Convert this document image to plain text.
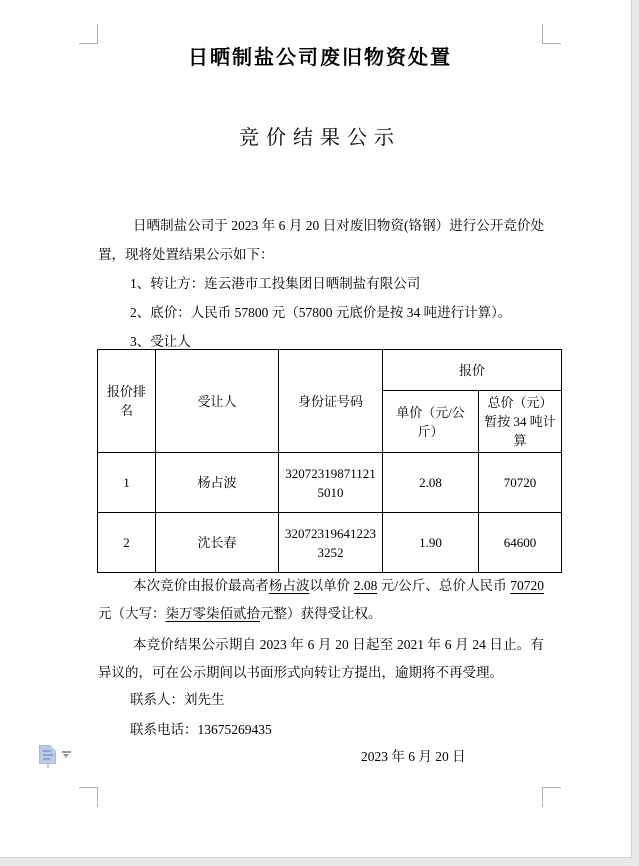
日晒制盐公司废旧物资处置
竞价结果公示
日晒制盐公司于 2023 年 6 月 20 日对废旧物资(铬钢）进行公开竞价处置，现将处置结果公示如下：
1、转让方：连云港市工投集团日晒制盐有限公司
2、底价：人民币 57800 元（57800 元底价是按 34 吨进行计算）。
3、受让人
报价排名	受让人	身份证号码	报价	
			单价（元/公斤）	总价（元）暂按 34 吨计算
1	杨占波	320723198711215010	2.08	70720
2	沈长春	320723196412233252	1.90	64600
本次竞价由报价最高者杨占波以单价 2.08 元/公斤、总价人民币 70720 元（大写：柒万零柒佰贰拾元整）获得受让权。
本竞价结果公示期自 2023 年 6 月 20 日起至 2021 年 6 月 24 日止。有异议的，可在公示期间以书面形式向转让方提出，逾期将不再受理。
联系人：刘先生
联系电话：13675269435
2023 年 6 月 20 日
